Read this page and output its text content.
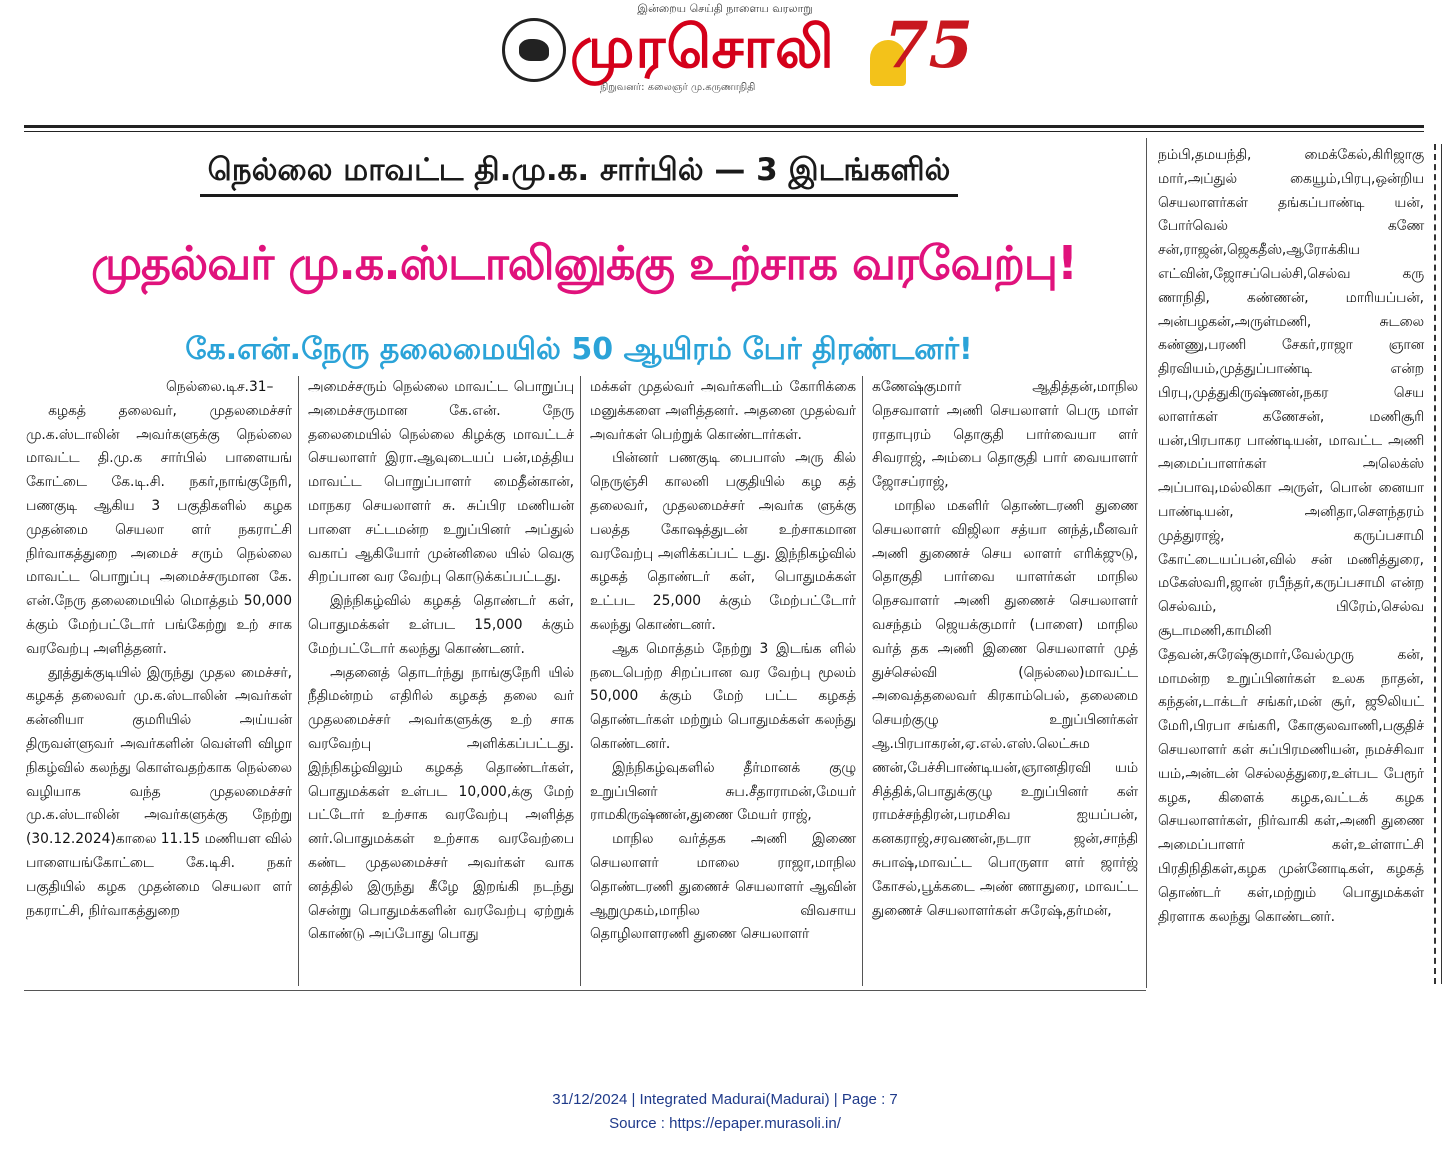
இன்றைய செய்தி நாளைய வரலாறு
முரசொலி
நிறுவனர்: கலைஞர் மு.கருணாநிதி
75
நெல்லை மாவட்ட தி.மு.க. சார்பில் — 3 இடங்களில்
முதல்வர் மு.க.ஸ்டாலினுக்கு உற்சாக வரவேற்பு!
கே.என்.நேரு தலைமையில் 50 ஆயிரம் பேர் திரண்டனர்!

நெல்லை.டிச.31–

கழகத் தலைவர், முதலமைச்சர் மு.க.ஸ்டாலின் அவர்களுக்கு நெல்லை மாவட்ட தி.மு.க சார்பில் பாளையங் கோட்டை கே.டி.சி. நகர்,நாங்குநேரி, பணகுடி ஆகிய 3 பகுதிகளில் கழக முதன்மை செயலா ளர் நகராட்சி நிர்வாகத்துறை அமைச் சரும் நெல்லை மாவட்ட பொறுப்பு அமைச்சருமான கே. என்.நேரு தலைமையில் மொத்தம் 50,000 க்கும் மேற்பட்டோர் பங்கேற்று உற் சாக வரவேற்பு அளித்தனர்.

தூத்துக்குடியில் இருந்து முதல மைச்சர், கழகத் தலைவர் மு.க.ஸ்டாலின் அவர்கள் கன்னியா குமரியில் அய்யன் திருவள்ளுவர் அவர்களின் வெள்ளி விழா நிகழ்வில் கலந்து கொள்வதற்காக நெல்லை வழியாக வந்த முதலமைச்சர் மு.க.ஸ்டாலின் அவர்களுக்கு நேற்று (30.12.2024)காலை 11.15 மணியள வில் பாளையங்கோட்டை கே.டிசி. நகர் பகுதியில் கழக முதன்மை செயலா ளர் நகராட்சி, நிர்வாகத்துறை

அமைச்சரும் நெல்லை மாவட்ட பொறுப்பு அமைச்சருமான கே.என். நேரு தலைமையில் நெல்லை கிழக்கு மாவட்டச் செயலாளர் இரா.ஆவுடையப் பன்,மத்திய மாவட்ட பொறுப்பாளர் மைதீன்கான், மாநகர செயலாளர் சு. சுப்பிர மணியன் பாளை சட்டமன்ற உறுப்பினர் அப்துல் வகாப் ஆகியோர் முன்னிலை யில் வெகு சிறப்பான வர வேற்பு கொடுக்கப்பட்டது.

இந்நிகழ்வில் கழகத் தொண்டர் கள், பொதுமக்கள் உள்பட 15,000 க்கும் மேற்பட்டோர் கலந்து கொண்டனர்.

அதனைத் தொடர்ந்து நாங்குநேரி யில் நீதிமன்றம் எதிரில் கழகத் தலை வர் முதலமைச்சர் அவர்களுக்கு உற் சாக வரவேற்பு அளிக்கப்பட்டது. இந்நிகழ்விலும் கழகத் தொண்டர்கள், பொதுமக்கள் உள்பட 10,000,க்கு மேற் பட்டோர் உற்சாக வரவேற்பு அளித்த னர்.பொதுமக்கள் உற்சாக வரவேற்பை கண்ட முதலமைச்சர் அவர்கள் வாக னத்தில் இருந்து கீழே இறங்கி நடந்து சென்று பொதுமக்களின் வரவேற்பு ஏற்றுக் கொண்டு அப்போது பொது

மக்கள் முதல்வர் அவர்களிடம் கோரிக்கை மனுக்களை அளித்தனர். அதனை முதல்வர் அவர்கள் பெற்றுக் கொண்டார்கள்.

பின்னர் பணகுடி பைபாஸ் அரு கில் நெருஞ்சி காலனி பகுதியில் கழ கத் தலைவர், முதலமைச்சர் அவர்க ளுக்கு பலத்த கோஷத்துடன் உற்சாகமான வரவேற்பு அளிக்கப்பட் டது. இந்நிகழ்வில் கழகத் தொண்டர் கள், பொதுமக்கள் உட்பட 25,000 க்கும் மேற்பட்டோர் கலந்து கொண்டனர்.

ஆக மொத்தம் நேற்று 3 இடங்க ளில் நடைபெற்ற சிறப்பான வர வேற்பு மூலம் 50,000 க்கும் மேற் பட்ட கழகத் தொண்டர்கள் மற்றும் பொதுமக்கள் கலந்து கொண்டனர்.

இந்நிகழ்வுகளில் தீர்மானக் குழு உறுப்பினர் சுப.சீதாராமன்,மேயர் ராமகிருஷ்ணன்,துணை மேயர் ராஜ்,

மாநில வர்த்தக அணி இணை செயலாளர் மாலை ராஜா,மாநில தொண்டரணி துணைச் செயலாளர் ஆவின் ஆறுமுகம்,மாநில விவசாய தொழிலாளரணி துணை செயலாளர்

கணேஷ்குமார் ஆதித்தன்,மாநில நெசவாளர் அணி செயலாளர் பெரு மாள் ராதாபுரம் தொகுதி பார்வையா ளர் சிவராஜ், அம்பை தொகுதி பார் வையாளர் ஜோசப்ராஜ்,

மாநில மகளிர் தொண்டரணி துணை செயலாளர் விஜிலா சத்யா னந்த்,மீனவர் அணி துணைச் செய லாளர் எரிக்ஜுடு, தொகுதி பார்வை யாளர்கள் மாநில நெசவாளர் அணி துணைச் செயலாளர் வசந்தம் ஜெயக்குமார் (பாளை) மாநில வர்த் தக அணி இணை செயலாளர் முத் துச்செல்வி (நெல்லை)மாவட்ட அவைத்தலைவர் கிரகாம்பெல், தலைமை செயற்குழு உறுப்பினர்கள் ஆ.பிரபாகரன்,ஏ.எல்.எஸ்.லெட்சும ணன்,பேச்சிபாண்டியன்,ஞானதிரவி யம் சித்திக்,பொதுக்குழு உறுப்பினர் கள் ராமச்சந்திரன்,பரமசிவ ஐயப்பன், கனகராஜ்,சரவணன்,நடரா ஜன்,சாந்தி சுபாஷ்,மாவட்ட பொருளா ளர் ஜார்ஜ் கோசல்,பூக்கடை அண் ணாதுரை, மாவட்ட துணைச் செயலாளர்கள் சுரேஷ்,தர்மன்,

நம்பி,தமயந்தி, மைக்கேல்,கிரிஜாகு மார்,அப்துல் கையூம்,பிரபு,ஒன்றிய செயலாளர்கள் தங்கப்பாண்டி யன், போர்வெல் கணே சன்,ராஜன்,ஜெகதீஸ்,ஆரோக்கிய எட்வின்,ஜோசப்பெல்சி,செல்வ கரு ணாநிதி, கண்ணன், மாரியப்பன், அன்பழகன்,அருள்மணி, சுடலை கண்ணு,பரணி சேகர்,ராஜா ஞான திரவியம்,முத்துப்பாண்டி என்ற பிரபு,முத்துகிருஷ்ணன்,நகர செய லாளர்கள் கணேசன், மணிசூரி யன்,பிரபாகர பாண்டியன், மாவட்ட அணி அமைப்பாளர்கள் அலெக்ஸ் அப்பாவு,மல்லிகா அருள், பொன் னையா பாண்டியன், அனிதா,சௌந்தரம் முத்துராஜ், கருப்பசாமி கோட்டையப்பன்,வில் சன் மணித்துரை, மகேஸ்வரி,ஜான் ரபீந்தர்,கருப்பசாமி என்ற செல்வம், பிரேம்,செல்வ சூடாமணி,காமினி தேவன்,சுரேஷ்குமார்,வேல்முரு கன், மாமன்ற உறுப்பினர்கள் உலக நாதன், கந்தன்,டாக்டர் சங்கர்,மன் சூர், ஜூலியட் மேரி,பிரபா சங்கரி, கோகுலவாணி,பகுதிச் செயலாளர் கள் சுப்பிரமணியன், நமச்சிவா யம்,அன்டன் செல்லத்துரை,உள்பட பேரூர் கழக, கிளைக் கழக,வட்டக் கழக செயலாளர்கள், நிர்வாகி கள்,அணி துணை அமைப்பாளர் கள்,உள்ளாட்சி பிரதிநிதிகள்,கழக முன்னோடிகள், கழகத் தொண்டர் கள்,மற்றும் பொதுமக்கள் திரளாக கலந்து கொண்டனர்.

31/12/2024 | Integrated Madurai(Madurai) | Page : 7
Source : https://epaper.murasoli.in/
